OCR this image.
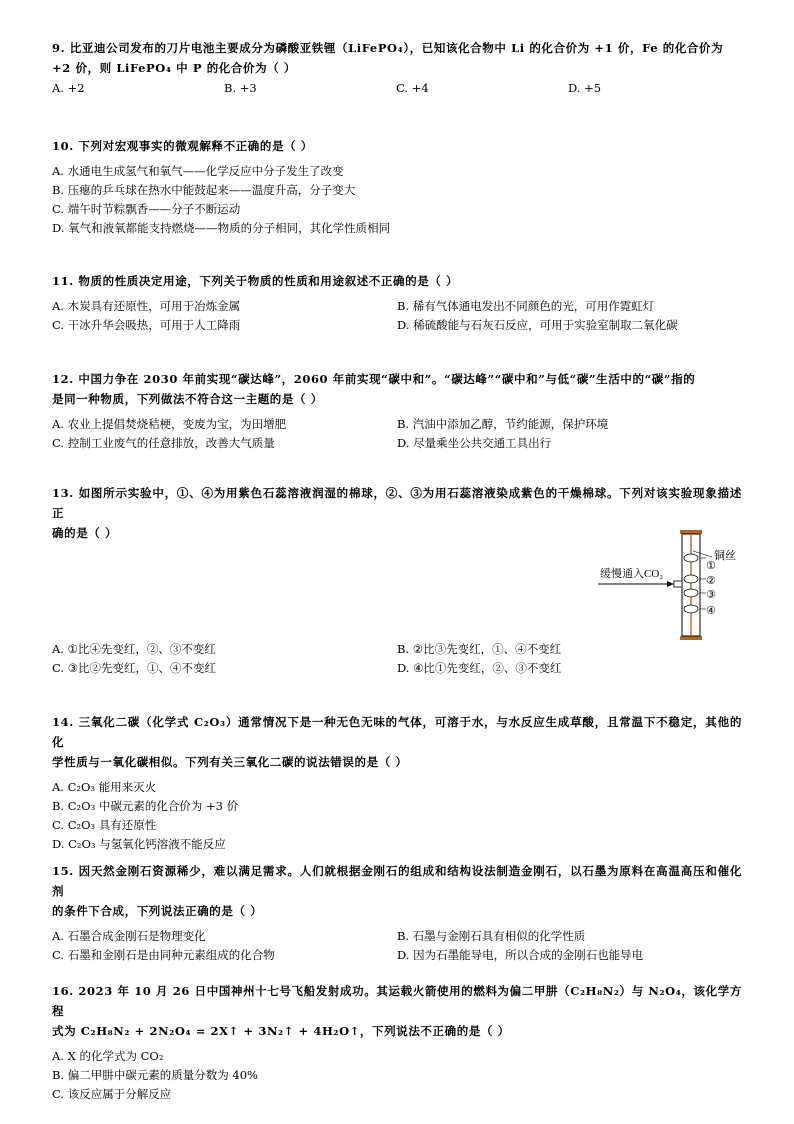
9. 比亚迪公司发布的刀片电池主要成分为磷酸亚铁锂（LiFePO₄），已知该化合物中 Li 的化合价为 +1 价，Fe 的化合价为
+2 价，则 LiFePO₄ 中 P 的化合价为（ ）
A. +2	B. +3	C. +4	D. +5
10. 下列对宏观事实的微观解释不正确的是（ ）
A. 水通电生成氢气和氧气——化学反应中分子发生了改变
B. 压瘪的乒乓球在热水中能鼓起来——温度升高，分子变大
C. 端午时节粽飘香——分子不断运动
D. 氧气和液氧都能支持燃烧——物质的分子相同，其化学性质相同
11. 物质的性质决定用途，下列关于物质的性质和用途叙述不正确的是（ ）
A. 木炭具有还原性，可用于冶炼金属	B. 稀有气体通电发出不同颜色的光，可用作霓虹灯
C. 干冰升华会吸热，可用于人工降雨	D. 稀硫酸能与石灰石反应，可用于实验室制取二氧化碳
12. 中国力争在 2030 年前实现“碳达峰”，2060 年前实现“碳中和”。“碳达峰”“碳中和”与低“碳”生活中的“碳”指的
是同一种物质，下列做法不符合这一主题的是（ ）
A. 农业上提倡焚烧秸梗，变废为宝，为田增肥	B. 汽油中添加乙醇，节约能源，保护环境
C. 控制工业废气的任意排放，改善大气质量	D. 尽量乘坐公共交通工具出行
13. 如图所示实验中，①、④为用紫色石蕊溶液润湿的棉球，②、③为用石蕊溶液染成紫色的干燥棉球。下列对该实验现象描述正
确的是（ ）
缓慢通入CO₂
铜丝
①
②
③
④
A. ①比④先变红，②、③不变红	B. ②比③先变红，①、④不变红
C. ③比②先变红，①、④不变红	D. ④比①先变红，②、③不变红
14. 三氧化二碳（化学式 C₂O₃）通常情况下是一种无色无味的气体，可溶于水，与水反应生成草酸，且常温下不稳定，其他的化
学性质与一氧化碳相似。下列有关三氧化二碳的说法错误的是（ ）
A. C₂O₃ 能用来灭火
B. C₂O₃ 中碳元素的化合价为 +3 价
C. C₂O₃ 具有还原性
D. C₂O₃ 与氢氧化钙溶液不能反应
15. 因天然金刚石资源稀少，难以满足需求。人们就根据金刚石的组成和结构设法制造金刚石，以石墨为原料在高温高压和催化剂
的条件下合成，下列说法正确的是（ ）
A. 石墨合成金刚石是物理变化	B. 石墨与金刚石具有相似的化学性质
C. 石墨和金刚石是由同种元素组成的化合物	D. 因为石墨能导电，所以合成的金刚石也能导电
16. 2023 年 10 月 26 日中国神州十七号飞船发射成功。其运载火箭使用的燃料为偏二甲肼（C₂H₈N₂）与 N₂O₄，该化学方程
式为 C₂H₈N₂ + 2N₂O₄ = 2X↑ + 3N₂↑ + 4H₂O↑，下列说法不正确的是（ ）
A. X 的化学式为 CO₂
B. 偏二甲肼中碳元素的质量分数为 40%
C. 该反应属于分解反应
